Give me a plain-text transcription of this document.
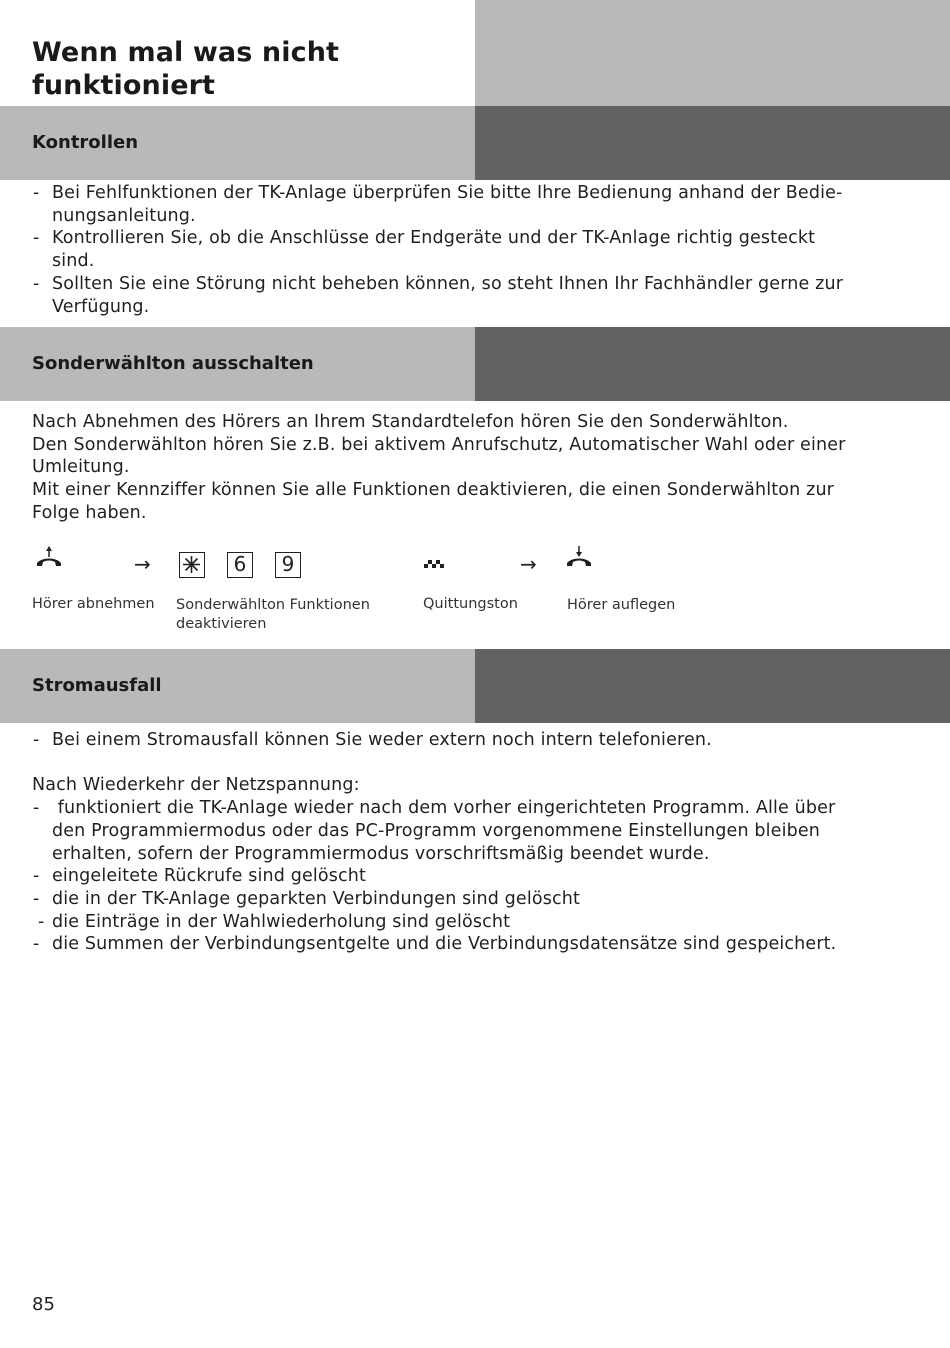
Wenn mal was nicht
funktioniert
Kontrollen
- Bei Fehlfunktionen der TK-Anlage überprüfen Sie bitte Ihre Bedienung anhand der Bedie-
nungsanleitung.
- Kontrollieren Sie, ob die Anschlüsse der Endgeräte und der TK-Anlage richtig gesteckt
sind.
- Sollten Sie eine Störung nicht beheben können, so steht Ihnen Ihr Fachhändler gerne zur
Verfügung.
Sonderwählton ausschalten

Nach Abnehmen des Hörers an Ihrem Standardtelefon hören Sie den Sonderwählton.

Den Sonderwählton hören Sie z.B. bei aktivem Anrufschutz, Automatischer Wahl oder einer

Umleitung.

Mit einer Kennziffer können Sie alle Funktionen deaktivieren, die einen Sonderwählton zur

Folge haben.

→	6	9	→
Hörer abnehmen Sonderwählton Funktionen
deaktivieren
Quittungston	Hörer auflegen
Stromausfall
- Bei einem Stromausfall können Sie weder extern noch intern telefonieren.

Nach Wiederkehr der Netzspannung:

-  funktioniert die TK-Anlage wieder nach dem vorher eingerichteten Programm. Alle über
den Programmiermodus oder das PC-Programm vorgenommene Einstellungen bleiben
erhalten, sofern der Programmiermodus vorschriftsmäßig beendet wurde.
- eingeleitete Rückrufe sind gelöscht
- die in der TK-Anlage geparkten Verbindungen sind gelöscht
- die Einträge in der Wahlwiederholung sind gelöscht
- die Summen der Verbindungsentgelte und die Verbindungsdatensätze sind gespeichert.
85
